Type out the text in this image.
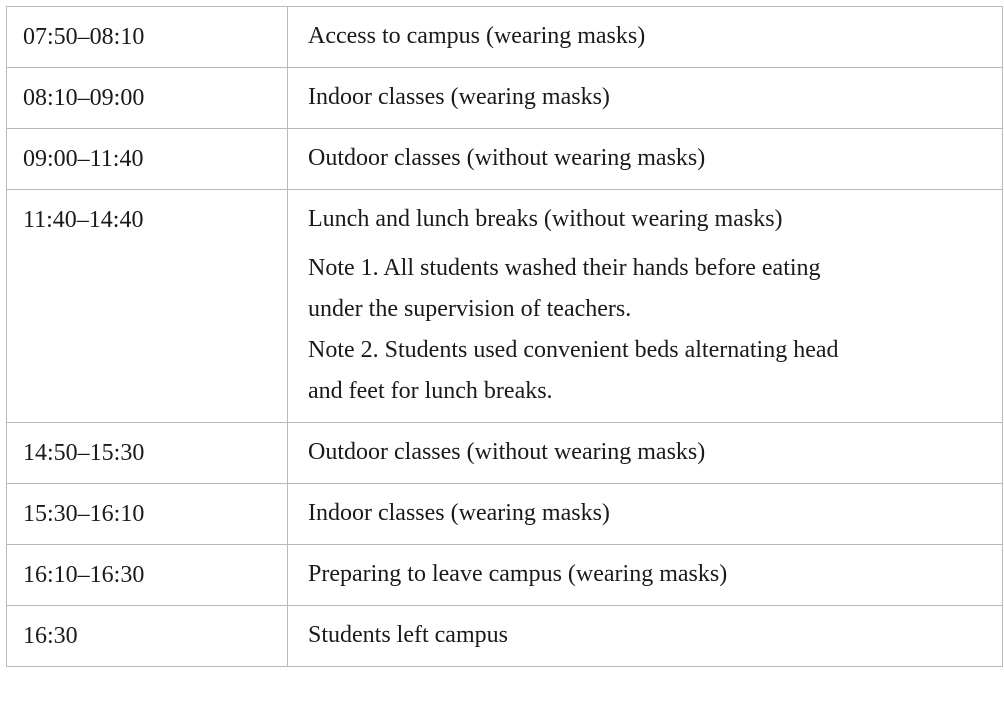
07:50–08:10	Access to campus (wearing masks)

08:10–09:00	Indoor classes (wearing masks)

09:00–11:40	Outdoor classes (without wearing masks)

11:40–14:40	Lunch and lunch breaks (without wearing masks)
Note 1. All students washed their hands before eating
under the supervision of teachers.
Note 2. Students used convenient beds alternating head
and feet for lunch breaks.

14:50–15:30	Outdoor classes (without wearing masks)

15:30–16:10	Indoor classes (wearing masks)

16:10–16:30	Preparing to leave campus (wearing masks)

16:30	Students left campus
